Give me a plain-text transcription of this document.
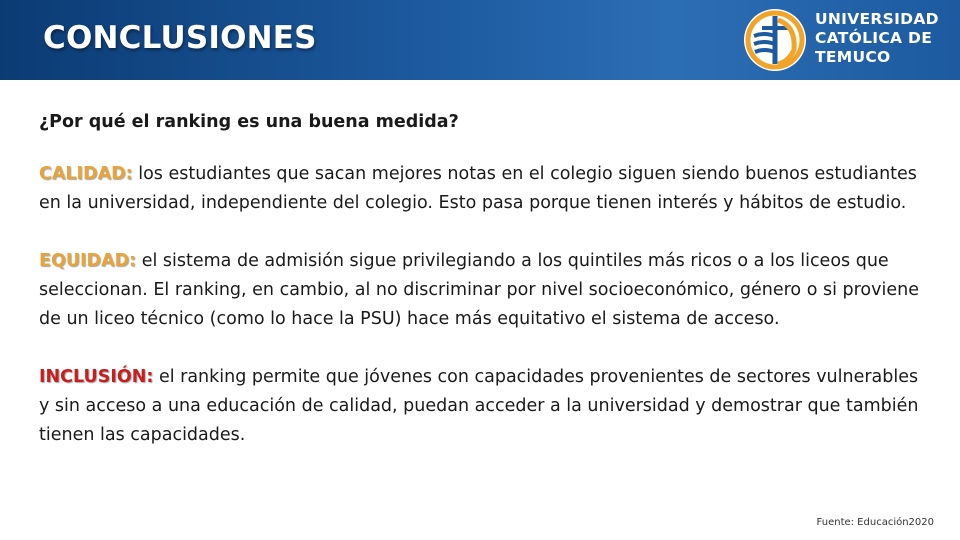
CONCLUSIONES
UNIVERSIDAD
CATÓLICA DE
TEMUCO
¿Por qué el ranking es una buena medida?
CALIDAD: los estudiantes que sacan mejores notas en el colegio siguen siendo buenos estudiantes en la universidad, independiente del colegio. Esto pasa porque tienen interés y hábitos de estudio.
EQUIDAD: el sistema de admisión sigue privilegiando a los quintiles más ricos o a los liceos que seleccionan. El ranking, en cambio, al no discriminar por nivel socioeconómico, género o si proviene de un liceo técnico (como lo hace la PSU) hace más equitativo el sistema de acceso.
INCLUSIÓN: el ranking permite que jóvenes con capacidades provenientes de sectores vulnerables y sin acceso a una educación de calidad, puedan acceder a la universidad y demostrar que también tienen las capacidades.
Fuente: Educación2020
